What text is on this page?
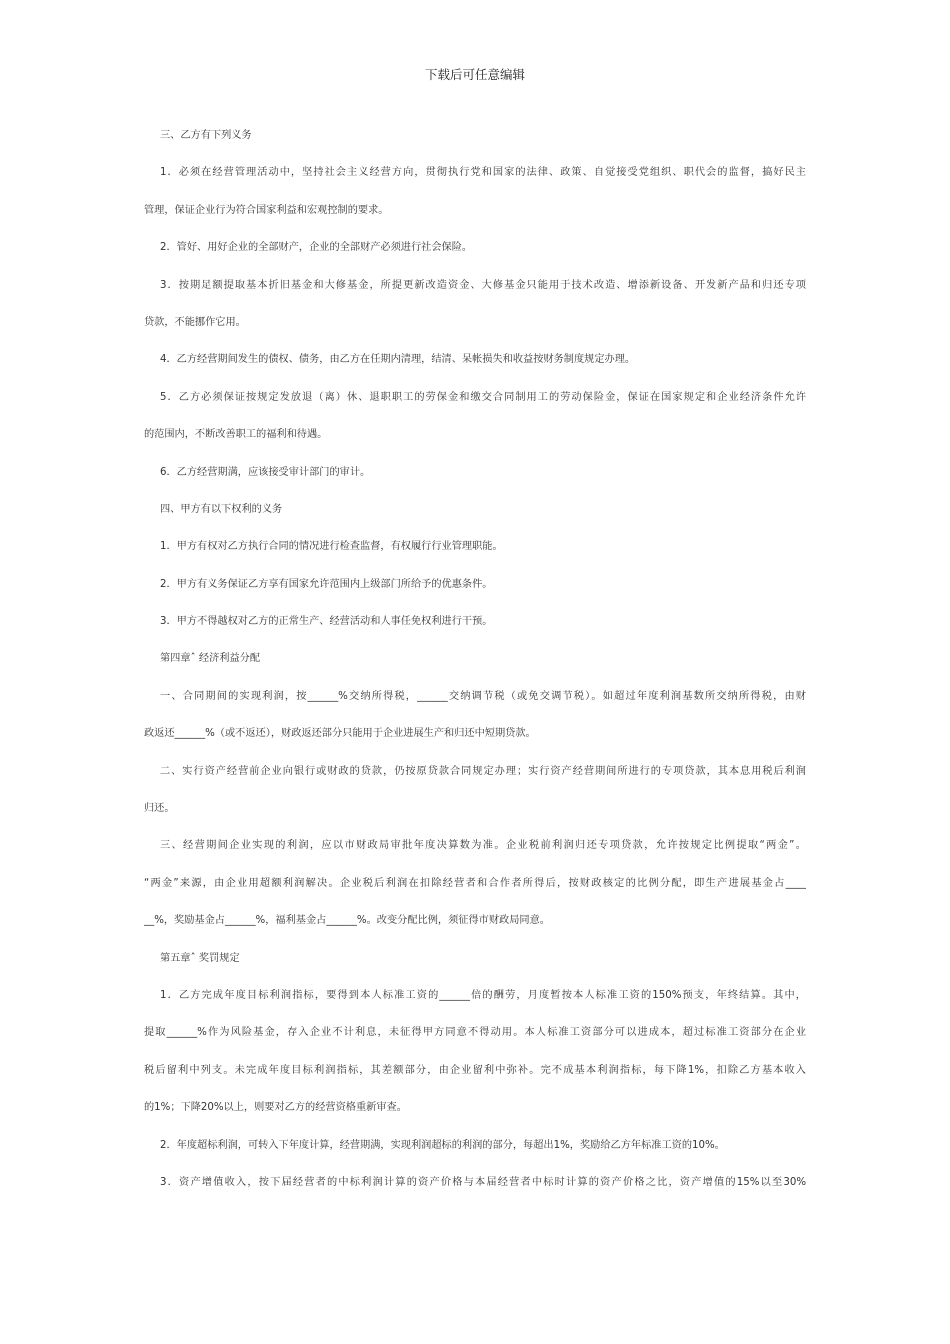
下载后可任意编辑
三、乙方有下列义务
1．必须在经营管理活动中，坚持社会主义经营方向，贯彻执行党和国家的法律、政策、自觉接受党组织、职代会的监督，搞好民主
管理，保证企业行为符合国家利益和宏观控制的要求。
2．管好、用好企业的全部财产，企业的全部财产必须进行社会保险。
3．按期足额提取基本折旧基金和大修基金，所提更新改造资金、大修基金只能用于技术改造、增添新设备、开发新产品和归还专项
贷款，不能挪作它用。
4．乙方经营期间发生的债权、债务，由乙方在任期内清理，结清、呆帐损失和收益按财务制度规定办理。
5．乙方必须保证按规定发放退（离）休、退职职工的劳保金和缴交合同制用工的劳动保险金，保证在国家规定和企业经济条件允许
的范围内，不断改善职工的福利和待遇。
6．乙方经营期满，应该接受审计部门的审计。
四、甲方有以下权利的义务
1．甲方有权对乙方执行合同的情况进行检查监督，有权履行行业管理职能。
2．甲方有义务保证乙方享有国家允许范围内上级部门所给予的优惠条件。
3．甲方不得越权对乙方的正常生产、经营活动和人事任免权利进行干预。
第四章ˆ 经济利益分配
一、合同期间的实现利润，按______%交纳所得税，______交纳调节税（或免交调节税）。如超过年度利润基数所交纳所得税，由财
政返还______%（或不返还），财政返还部分只能用于企业进展生产和归还中短期贷款。
二、实行资产经营前企业向银行或财政的贷款，仍按原贷款合同规定办理；实行资产经营期间所进行的专项贷款，其本息用税后利润
归还。
三、经营期间企业实现的利润，应以市财政局审批年度决算数为准。企业税前利润归还专项贷款，允许按规定比例提取“两金”。
“两金”来源，由企业用超额利润解决。企业税后利润在扣除经营者和合作者所得后，按财政核定的比例分配，即生产进展基金占____
__%，奖励基金占______%，福利基金占______%。改变分配比例，须征得市财政局同意。
第五章ˆ 奖罚规定
1．乙方完成年度目标利润指标，要得到本人标准工资的______倍的酬劳，月度暂按本人标准工资的150%预支，年终结算。其中，
提取______%作为风险基金，存入企业不计利息，未征得甲方同意不得动用。本人标准工资部分可以进成本，超过标准工资部分在企业
税后留利中列支。未完成年度目标利润指标，其差额部分，由企业留利中弥补。完不成基本利润指标，每下降1%，扣除乙方基本收入
的1%；下降20%以上，则要对乙方的经营资格重新审查。
2．年度超标利润，可转入下年度计算，经营期满，实现利润超标的利润的部分，每超出1%，奖励给乙方年标准工资的10%。
3．资产增值收入，按下届经营者的中标利润计算的资产价格与本届经营者中标时计算的资产价格之比，资产增值的15%以至30%
